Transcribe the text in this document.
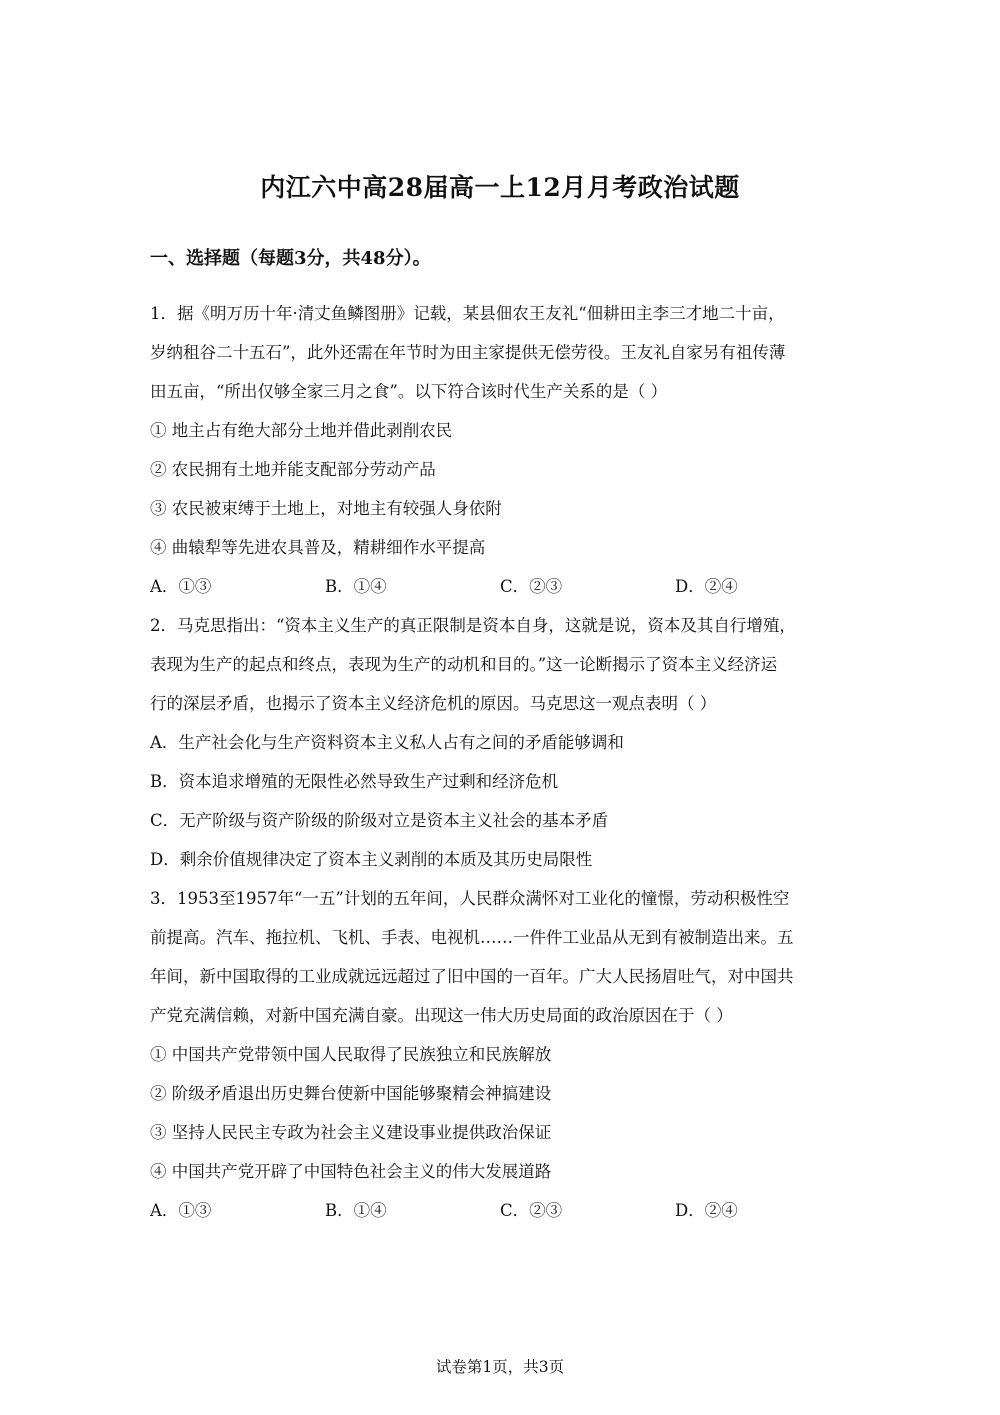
内江六中高28届高一上12月月考政治试题
一、选择题（每题3分，共48分）。
1．据《明万历十年·清丈鱼鳞图册》记载，某县佃农王友礼“佃耕田主李三才地二十亩，
岁纳租谷二十五石”，此外还需在年节时为田主家提供无偿劳役。王友礼自家另有祖传薄
田五亩，“所出仅够全家三月之食”。以下符合该时代生产关系的是（ ）
① 地主占有绝大部分土地并借此剥削农民
② 农民拥有土地并能支配部分劳动产品
③ 农民被束缚于土地上，对地主有较强人身依附
④ 曲辕犁等先进农具普及，精耕细作水平提高
A．①③	B．①④	C．②③	D．②④
2．马克思指出：“资本主义生产的真正限制是资本自身，这就是说，资本及其自行增殖，
表现为生产的起点和终点，表现为生产的动机和目的。”这一论断揭示了资本主义经济运
行的深层矛盾，也揭示了资本主义经济危机的原因。马克思这一观点表明（ ）
A．生产社会化与生产资料资本主义私人占有之间的矛盾能够调和
B．资本追求增殖的无限性必然导致生产过剩和经济危机
C．无产阶级与资产阶级的阶级对立是资本主义社会的基本矛盾
D．剩余价值规律决定了资本主义剥削的本质及其历史局限性
3．1953至1957年“一五”计划的五年间，人民群众满怀对工业化的憧憬，劳动积极性空
前提高。汽车、拖拉机、飞机、手表、电视机……一件件工业品从无到有被制造出来。五
年间，新中国取得的工业成就远远超过了旧中国的一百年。广大人民扬眉吐气，对中国共
产党充满信赖，对新中国充满自豪。出现这一伟大历史局面的政治原因在于（ ）
① 中国共产党带领中国人民取得了民族独立和民族解放
② 阶级矛盾退出历史舞台使新中国能够聚精会神搞建设
③ 坚持人民民主专政为社会主义建设事业提供政治保证
④ 中国共产党开辟了中国特色社会主义的伟大发展道路
A．①③	B．①④	C．②③	D．②④
试卷第1页，共3页
